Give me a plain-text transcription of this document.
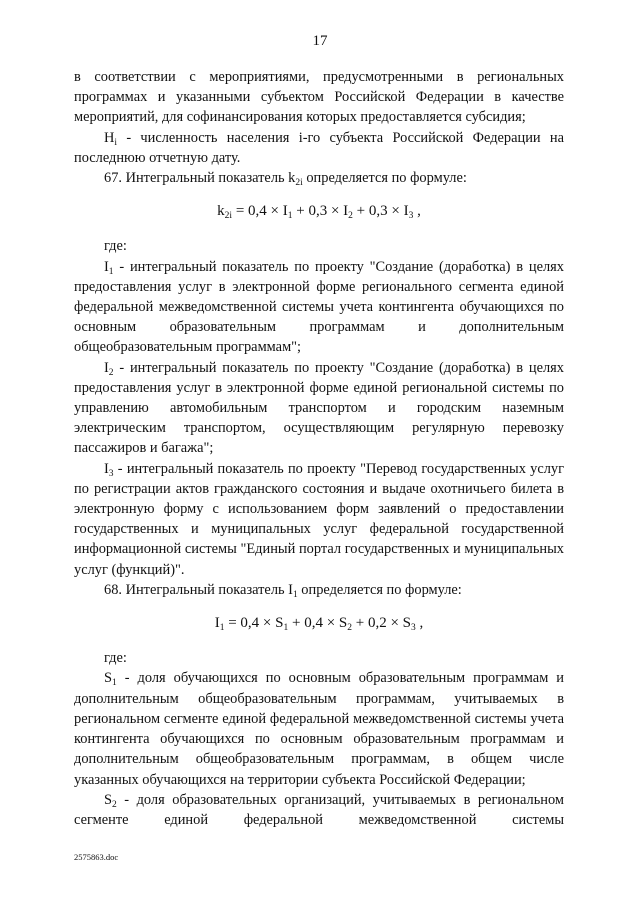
17

в соответствии с мероприятиями, предусмотренными в региональных программах и указанными субъектом Российской Федерации в качестве мероприятий, для софинансирования которых предоставляется субсидия;

$Н_i$ - численность населения i-го субъекта Российской Федерации на последнюю отчетную дату.

67. Интегральный показатель $k_{2i}$ определяется по формуле:

$k_{2i} = 0,4 \times I_1 + 0,3 \times I_2 + 0,3 \times I_3$ ,

где:

$I_1$ - интегральный показатель по проекту "Создание (доработка) в целях предоставления услуг в электронной форме регионального сегмента единой федеральной межведомственной системы учета контингента обучающихся по основным образовательным программам и дополнительным общеобразовательным программам";

$I_2$ - интегральный показатель по проекту "Создание (доработка) в целях предоставления услуг в электронной форме единой региональной системы по управлению автомобильным транспортом и городским наземным электрическим транспортом, осуществляющим регулярную перевозку пассажиров и багажа";

$I_3$ - интегральный показатель по проекту "Перевод государственных услуг по регистрации актов гражданского состояния и выдаче охотничьего билета в электронную форму с использованием форм заявлений о предоставлении государственных и муниципальных услуг федеральной государственной информационной системы "Единый портал государственных и муниципальных услуг (функций)".

68. Интегральный показатель $I_1$ определяется по формуле:

$I_1 = 0,4 \times S_1 + 0,4 \times S_2 + 0,2 \times S_3$ ,

где:

$S_1$ - доля обучающихся по основным образовательным программам и дополнительным общеобразовательным программам, учитываемых в региональном сегменте единой федеральной межведомственной системы учета контингента обучающихся по основным образовательным программам и дополнительным общеобразовательным программам, в общем числе указанных обучающихся на территории субъекта Российской Федерации;

$S_2$ - доля образовательных организаций, учитываемых в региональном сегменте единой федеральной межведомственной системы

2575863.doc
